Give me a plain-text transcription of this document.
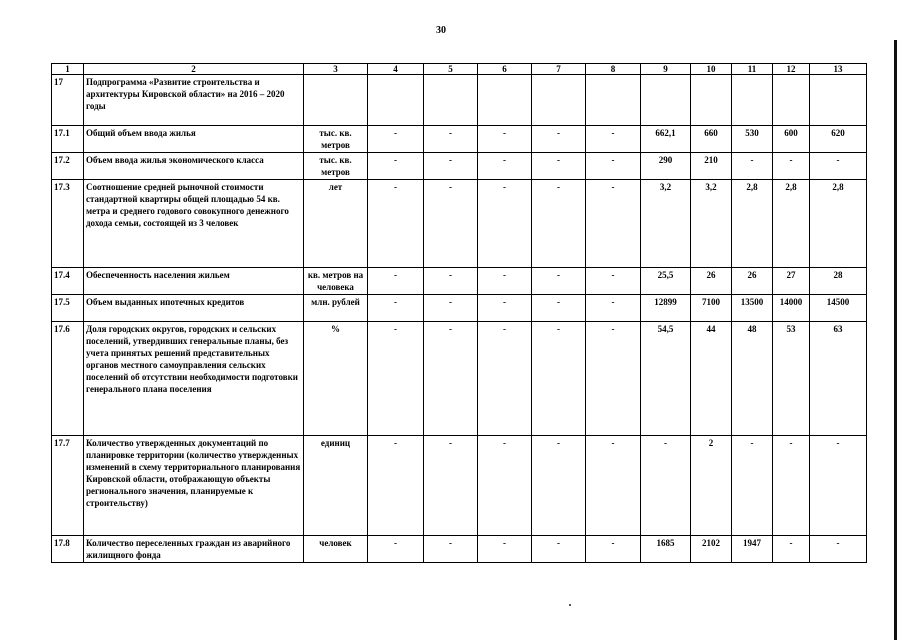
30
1	2	3	4	5	6	7	8	9	10	11	12	13
17	Подпрограмма «Развитие строительства и архитектуры Кировской области» на 2016 – 2020 годы											
17.1	Общий объем ввода жилья	тыс. кв. метров	-	-	-	-	-	662,1	660	530	600	620
17.2	Объем ввода жилья экономического класса	тыс. кв. метров	-	-	-	-	-	290	210	-	-	-
17.3	Соотношение средней рыночной стоимости стандартной квартиры общей площадью 54 кв. метра и среднего годового совокупного денежного дохода семьи, состоящей из 3 человек	лет	-	-	-	-	-	3,2	3,2	2,8	2,8	2,8
17.4	Обеспеченность населения жильем	кв. метров на человека	-	-	-	-	-	25,5	26	26	27	28
17.5	Объем выданных ипотечных кредитов	млн. рублей	-	-	-	-	-	12899	7100	13500	14000	14500
17.6	Доля городских округов, городских и сельских поселений, утвердивших генеральные планы, без учета принятых решений представительных органов местного самоуправления сельских поселений об отсутствии необходимости подготовки генерального плана поселения	%	-	-	-	-	-	54,5	44	48	53	63
17.7	Количество утвержденных документаций по планировке территории (количество утвержденных изменений в схему территориального планирования Кировской области, отображающую объекты регионального значения, планируемые к строительству)	единиц	-	-	-	-	-	-	2	-	-	-
17.8	Количество переселенных граждан из аварийного жилищного фонда	человек	-	-	-	-	-	1685	2102	1947	-	-
